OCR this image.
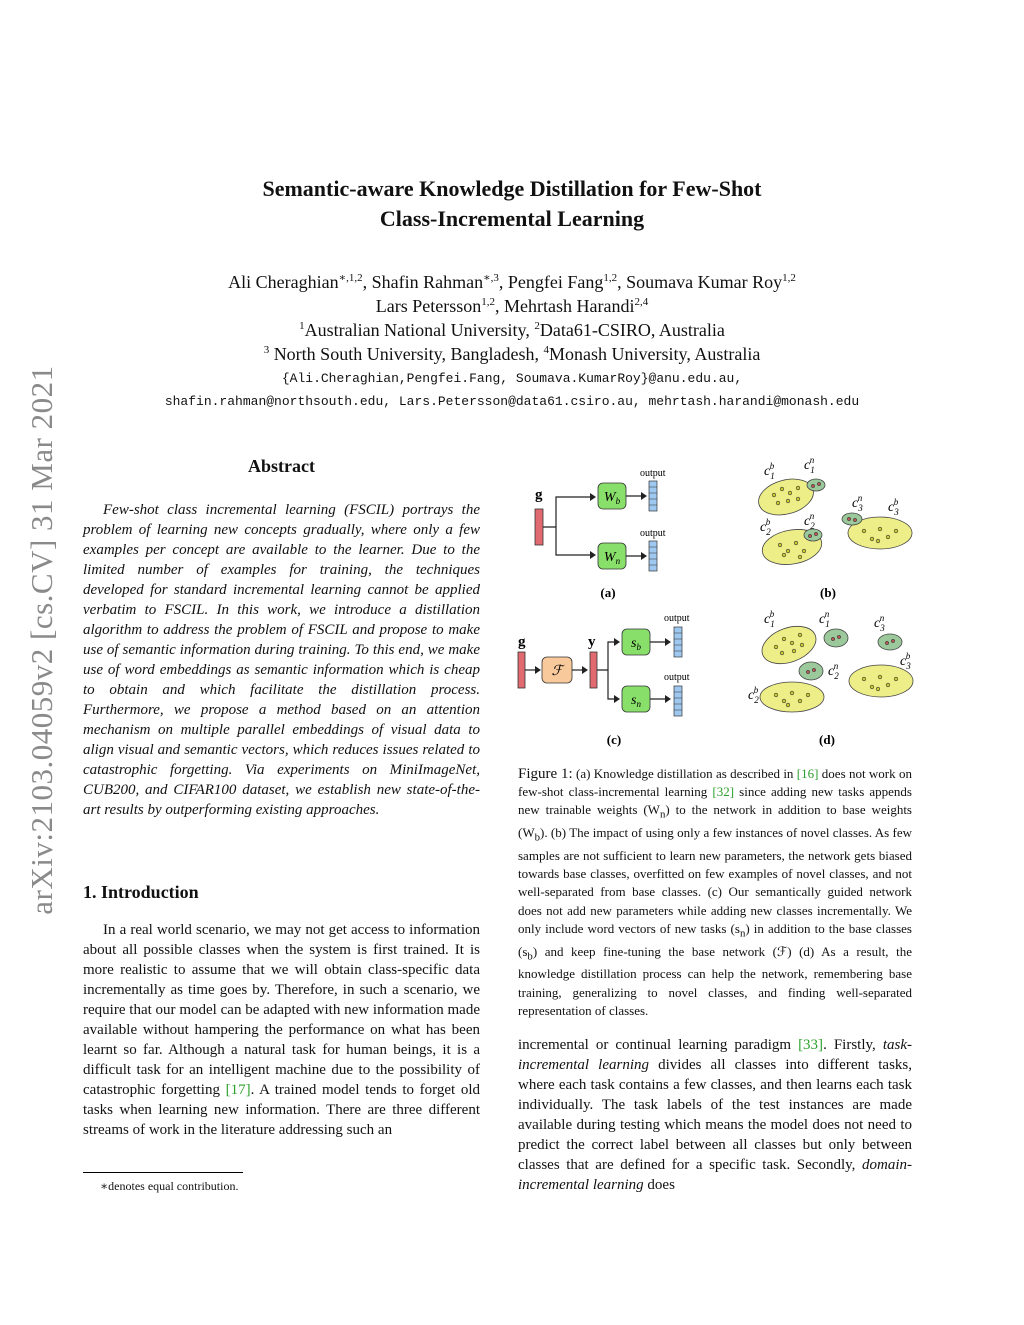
arXiv:2103.04059v2 [cs.CV] 31 Mar 2021
Semantic-aware Knowledge Distillation for Few-Shot
Class-Incremental Learning
Ali Cheraghian$^{∗,1,2}$, Shafin Rahman$^{∗,3}$, Pengfei Fang$^{1,2}$, Soumava Kumar Roy$^{1,2}$
Lars Petersson$^{1,2}$, Mehrtash Harandi$^{2,4}$
$^1$Australian National University, $^2$Data61-CSIRO, Australia
$^3$ North South University, Bangladesh, $^4$Monash University, Australia
{Ali.Cheraghian,Pengfei.Fang, Soumava.KumarRoy}@anu.edu.au,
shafin.rahman@northsouth.edu, Lars.Petersson@data61.csiro.au, mehrtash.harandi@monash.edu
Abstract
Few-shot class incremental learning (FSCIL) portrays the problem of learning new concepts gradually, where only a few examples per concept are available to the learner. Due to the limited number of examples for training, the techniques developed for standard incremental learning cannot be applied verbatim to FSCIL. In this work, we introduce a distillation algorithm to address the problem of FSCIL and propose to make use of semantic information during training. To this end, we make use of word embeddings as semantic information which is cheap to obtain and which facilitate the distillation process. Furthermore, we propose a method based on an attention mechanism on multiple parallel embeddings of visual data to align visual and semantic vectors, which reduces issues related to catastrophic forgetting. Via experiments on MiniImageNet, CUB200, and CIFAR100 dataset, we establish new state-of-the-art results by outperforming existing approaches.
1. Introduction
In a real world scenario, we may not get access to information about all possible classes when the system is first trained. It is more realistic to assume that we will obtain class-specific data incrementally as time goes by. Therefore, in such a scenario, we require that our model can be adapted with new information made available without hampering the performance on what has been learnt so far. Although a natural task for human beings, it is a difficult task for an intelligent machine due to the possibility of catastrophic forgetting [17]. A trained model tends to forget old tasks when learning new information. There are three different streams of work in the literature addressing such an
∗denotes equal contribution.
g	$W_b$
$W_n$
output
output
(a)
$c_1b$ $c_1n$
$c_2b$ $c_2n$
$c_3n$
$c_3b$
(b)
g
ℱ
y	$s_b$
$s_n$
output
output
(c)
$c_1b$	$c_1n$
$c_3n$
$c_2n$	$c_3b$
$c_2b$
(d)
Figure 1: (a) Knowledge distillation as described in [16] does not work on few-shot class-incremental learning [32] since adding new tasks appends new trainable weights $(W_n)$ to the network in addition to base weights $(W_b)$. (b) The impact of using only a few instances of novel classes. As few samples are not sufficient to learn new parameters, the network gets biased towards base classes, overfitted on few examples of novel classes, and not well-separated from base classes. (c) Our semantically guided network does not add new parameters while adding new classes incrementally. We only include word vectors of new tasks $(s_n)$ in addition to the base classes $(s_b)$ and keep fine-tuning the base network (ℱ) (d) As a result, the knowledge distillation process can help the network, remembering base training, generalizing to novel classes, and finding well-separated representation of classes.
incremental or continual learning paradigm [33]. Firstly, task-incremental learning divides all classes into different tasks, where each task contains a few classes, and then learns each task individually. The task labels of the test instances are made available during testing which means the model does not need to predict the correct label between all classes but only between classes that are defined for a specific task. Secondly, domain-incremental learning does
